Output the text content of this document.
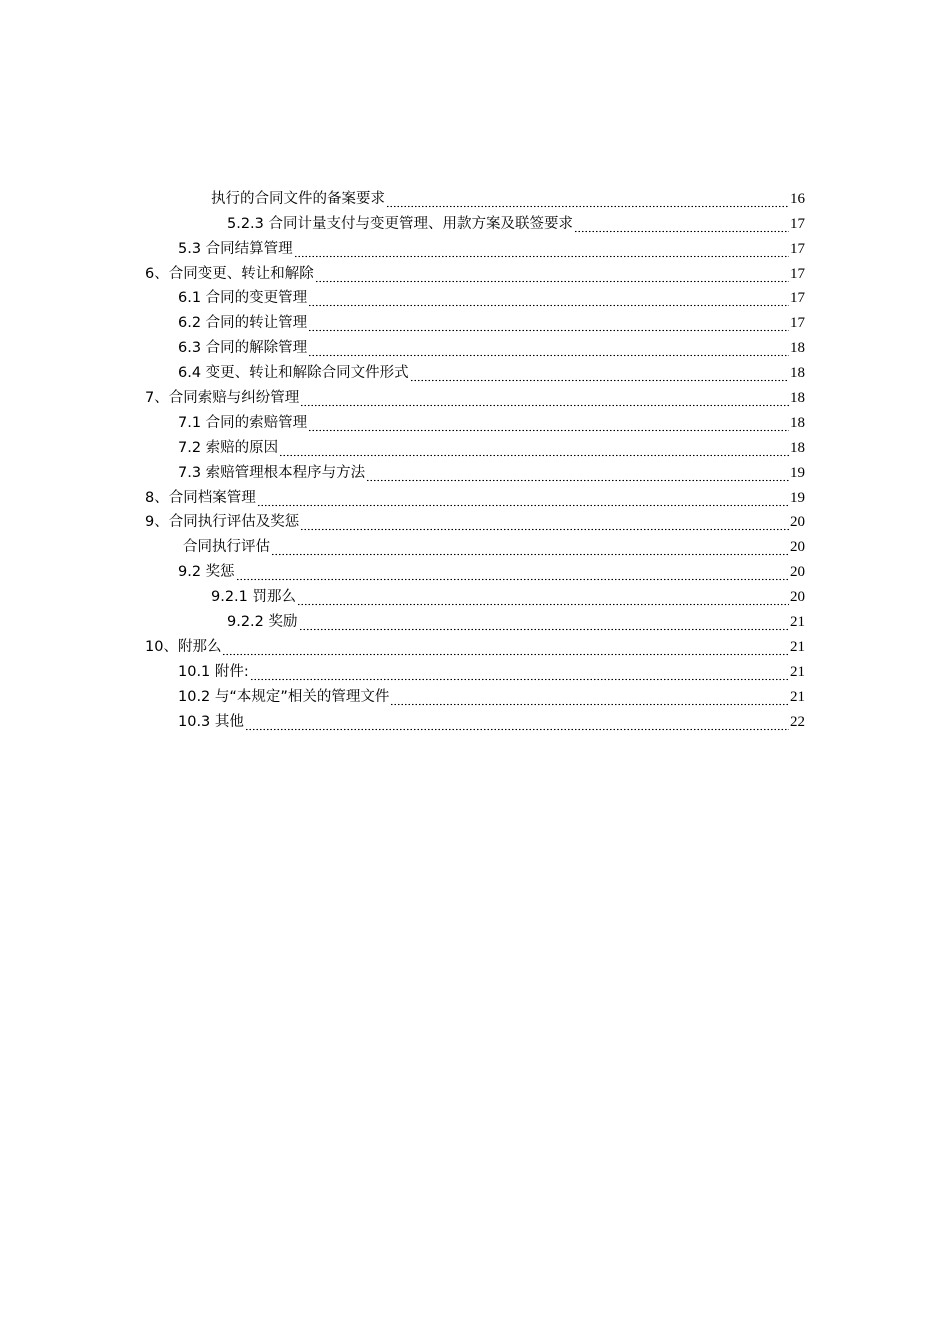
执行的合同文件的备案要求	16
5.2.3 合同计量支付与变更管理、用款方案及联签要求	17
5.3 合同结算管理	17
6、合同变更、转让和解除	17
6.1 合同的变更管理	17
6.2 合同的转让管理	17
6.3 合同的解除管理	18
6.4 变更、转让和解除合同文件形式	18
7、合同索赔与纠纷管理	18
7.1 合同的索赔管理	18
7.2 索赔的原因	18
7.3 索赔管理根本程序与方法	19
8、合同档案管理	19
9、合同执行评估及奖惩	20
合同执行评估	20
9.2 奖惩	20
9.2.1 罚那么	20
9.2.2 奖励	21
10、附那么	21
10.1 附件:	21
10.2 与“本规定”相关的管理文件	21
10.3 其他	22
